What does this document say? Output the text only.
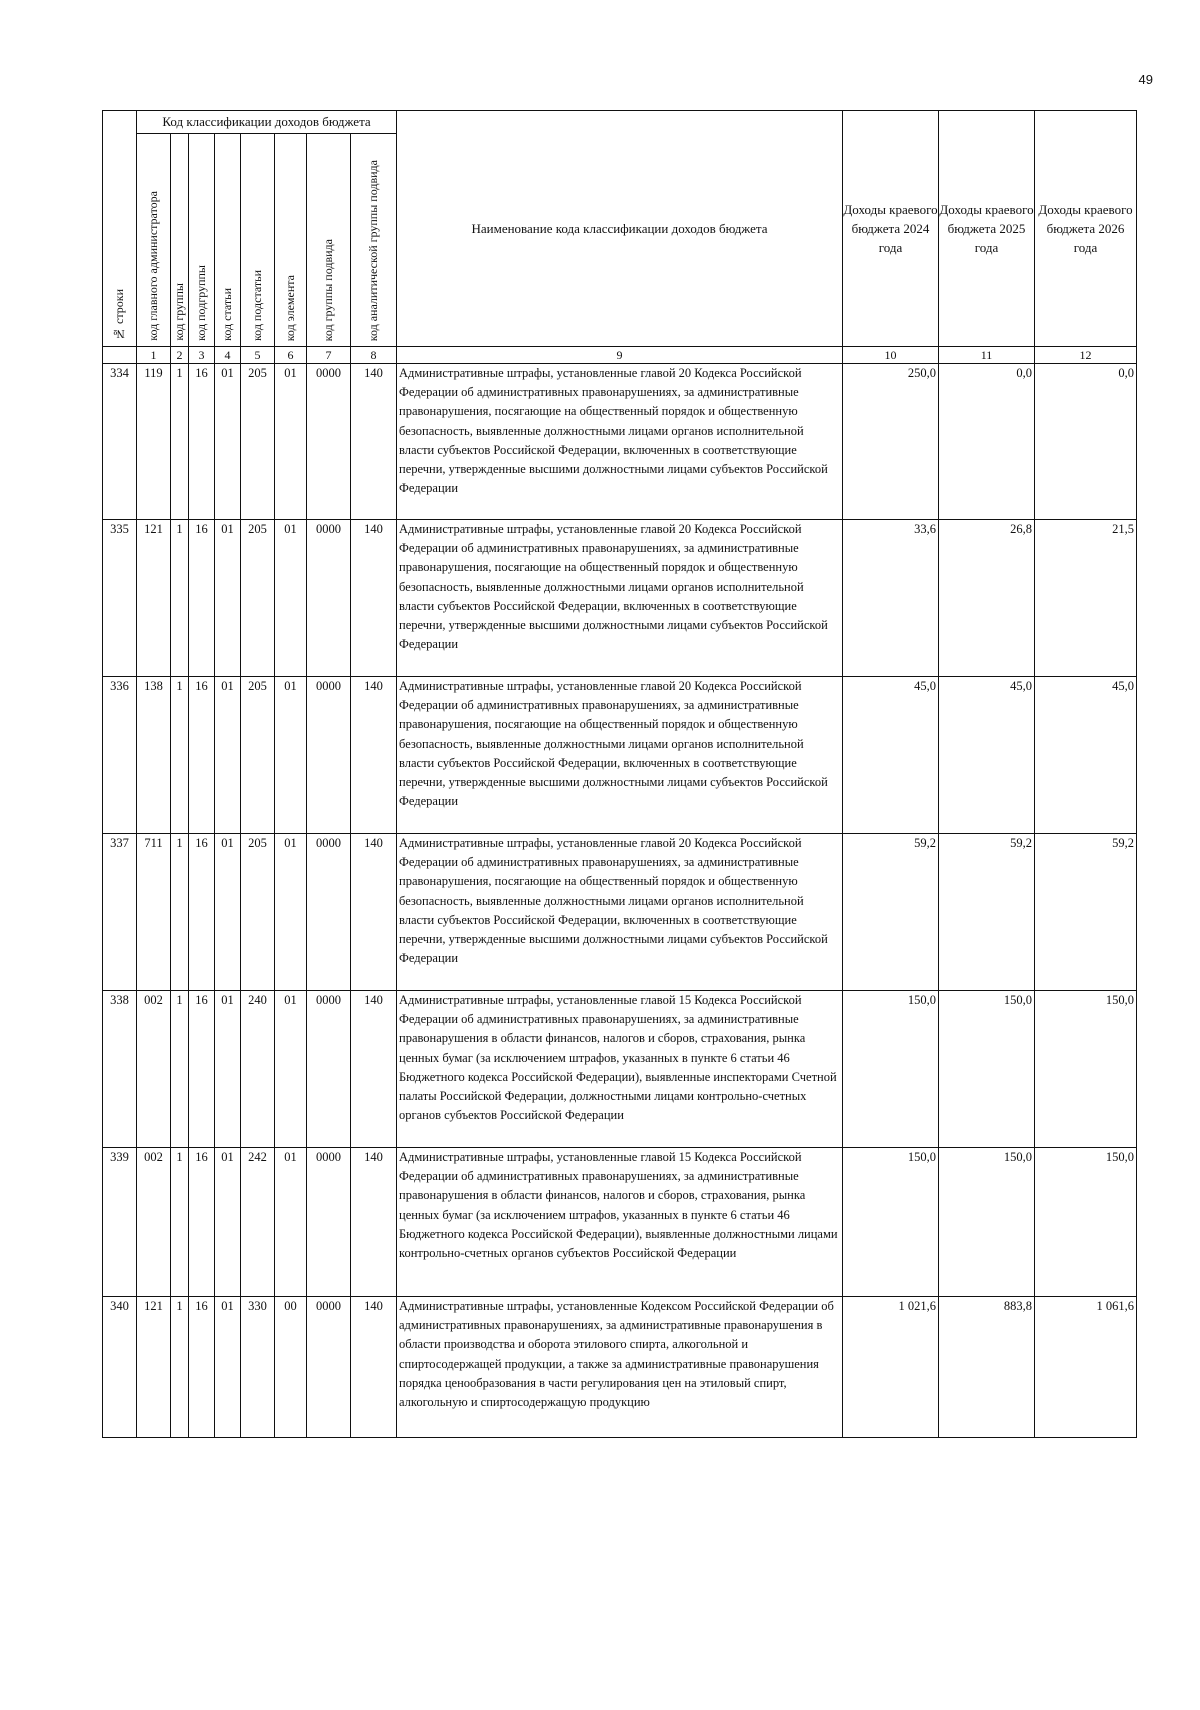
49
№ строки	Код классификации доходов бюджета								Наименование кода классификации доходов бюджета	Доходы краевого бюджета 2024 года	Доходы краевого бюджета 2025 года	Доходы краевого бюджета 2026 года
	код главного администратора	код группы	код подгруппы	код статьи	код подстатьи	код элемента	код группы подвида	код аналитической группы подвида				
	1	2	3	4	5	6	7	8	9	10	11	12
334	119	1	16	01	205	01	0000	140	Административные штрафы, установленные главой 20 Кодекса Российской Федерации об административных правонарушениях, за административные правонарушения, посягающие на общественный порядок и общественную безопасность, выявленные должностными лицами органов исполнительной власти субъектов Российской Федерации, включенных в соответствующие перечни, утвержденные высшими должностными лицами субъектов Российской Федерации	250,0	0,0	0,0
335	121	1	16	01	205	01	0000	140	Административные штрафы, установленные главой 20 Кодекса Российской Федерации об административных правонарушениях, за административные правонарушения, посягающие на общественный порядок и общественную безопасность, выявленные должностными лицами органов исполнительной власти субъектов Российской Федерации, включенных в соответствующие перечни, утвержденные высшими должностными лицами субъектов Российской Федерации	33,6	26,8	21,5
336	138	1	16	01	205	01	0000	140	Административные штрафы, установленные главой 20 Кодекса Российской Федерации об административных правонарушениях, за административные правонарушения, посягающие на общественный порядок и общественную безопасность, выявленные должностными лицами органов исполнительной власти субъектов Российской Федерации, включенных в соответствующие перечни, утвержденные высшими должностными лицами субъектов Российской Федерации	45,0	45,0	45,0
337	711	1	16	01	205	01	0000	140	Административные штрафы, установленные главой 20 Кодекса Российской Федерации об административных правонарушениях, за административные правонарушения, посягающие на общественный порядок и общественную безопасность, выявленные должностными лицами органов исполнительной власти субъектов Российской Федерации, включенных в соответствующие перечни, утвержденные высшими должностными лицами субъектов Российской Федерации	59,2	59,2	59,2
338	002	1	16	01	240	01	0000	140	Административные штрафы, установленные главой 15 Кодекса Российской Федерации об административных правонарушениях, за административные правонарушения в области финансов, налогов и сборов, страхования, рынка ценных бумаг (за исключением штрафов, указанных в пункте 6 статьи 46 Бюджетного кодекса Российской Федерации), выявленные инспекторами Счетной палаты Российской Федерации, должностными лицами контрольно-счетных органов субъектов Российской Федерации	150,0	150,0	150,0
339	002	1	16	01	242	01	0000	140	Административные штрафы, установленные главой 15 Кодекса Российской Федерации об административных правонарушениях, за административные правонарушения в области финансов, налогов и сборов, страхования, рынка ценных бумаг (за исключением штрафов, указанных в пункте 6 статьи 46 Бюджетного кодекса Российской Федерации), выявленные должностными лицами контрольно-счетных органов субъектов Российской Федерации	150,0	150,0	150,0
340	121	1	16	01	330	00	0000	140	Административные штрафы, установленные Кодексом Российской Федерации об административных правонарушениях, за административные правонарушения в области производства и оборота этилового спирта, алкогольной и спиртосодержащей продукции, а также за административные правонарушения порядка ценообразования в части регулирования цен на этиловый спирт, алкогольную и спиртосодержащую продукцию	1 021,6	883,8	1 061,6
